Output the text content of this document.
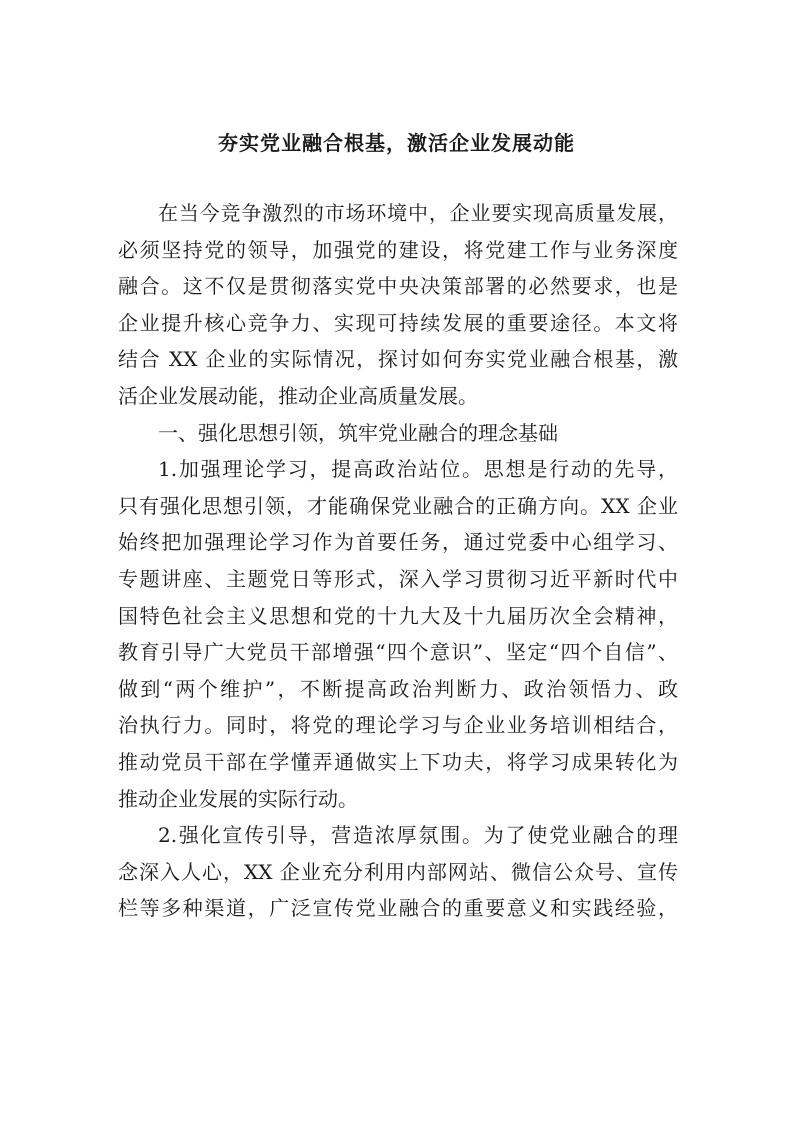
夯实党业融合根基，激活企业发展动能
在当今竞争激烈的市场环境中，企业要实现高质量发展，
必须坚持党的领导，加强党的建设，将党建工作与业务深度
融合。这不仅是贯彻落实党中央决策部署的必然要求，也是
企业提升核心竞争力、实现可持续发展的重要途径。本文将
结合 XX 企业的实际情况，探讨如何夯实党业融合根基，激
活企业发展动能，推动企业高质量发展。
一、强化思想引领，筑牢党业融合的理念基础
1.加强理论学习，提高政治站位。思想是行动的先导，
只有强化思想引领，才能确保党业融合的正确方向。XX 企业
始终把加强理论学习作为首要任务，通过党委中心组学习、
专题讲座、主题党日等形式，深入学习贯彻习近平新时代中
国特色社会主义思想和党的十九大及十九届历次全会精神，
教育引导广大党员干部增强“四个意识”、坚定“四个自信”、
做到“两个维护”，不断提高政治判断力、政治领悟力、政
治执行力。同时，将党的理论学习与企业业务培训相结合，
推动党员干部在学懂弄通做实上下功夫，将学习成果转化为
推动企业发展的实际行动。
2.强化宣传引导，营造浓厚氛围。为了使党业融合的理
念深入人心，XX 企业充分利用内部网站、微信公众号、宣传
栏等多种渠道，广泛宣传党业融合的重要意义和实践经验，
